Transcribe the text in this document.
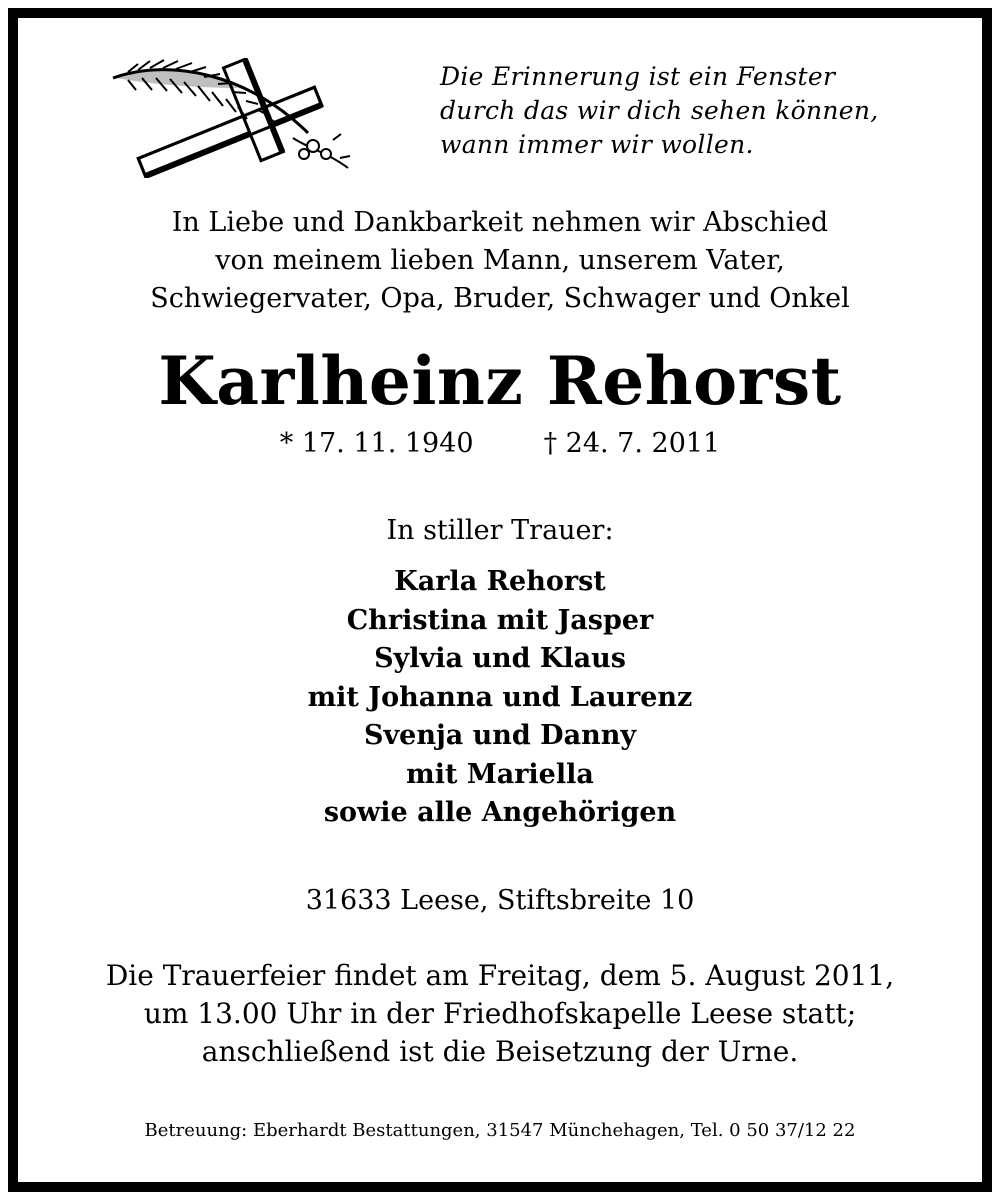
Die Erinnerung ist ein Fenster
durch das wir dich sehen können,
wann immer wir wollen.
In Liebe und Dankbarkeit nehmen wir Abschied
von meinem lieben Mann, unserem Vater,
Schwiegervater, Opa, Bruder, Schwager und Onkel
Karlheinz Rehorst
* 17. 11. 1940	† 24. 7. 2011
In stiller Trauer:
Karla Rehorst
Christina mit Jasper
Sylvia und Klaus
mit Johanna und Laurenz
Svenja und Danny
mit Mariella
sowie alle Angehörigen
31633 Leese, Stiftsbreite 10
Die Trauerfeier findet am Freitag, dem 5. August 2011,
um 13.00 Uhr in der Friedhofskapelle Leese statt;
anschließend ist die Beisetzung der Urne.
Betreuung: Eberhardt Bestattungen, 31547 Münchehagen, Tel. 0 50 37/12 22
